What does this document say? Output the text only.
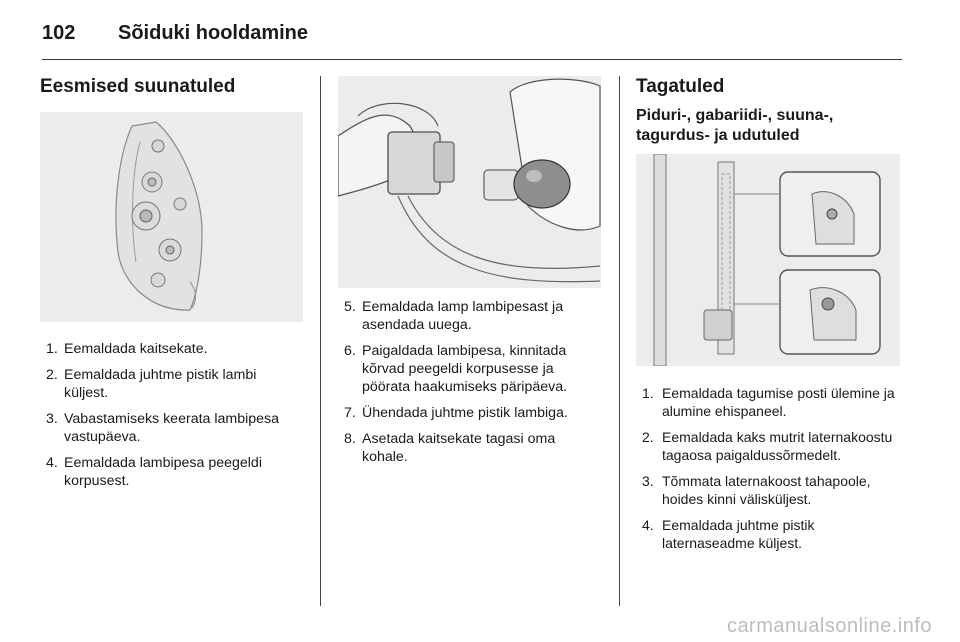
102 Sõiduki hooldamine
Eesmised suunatuled
1. Eemaldada kaitsekate.
2. Eemaldada juhtme pistik lambi küljest.
3. Vabastamiseks keerata lambipesa vastupäeva.
4. Eemaldada lambipesa peegeldi korpusest.
5. Eemaldada lamp lambipesast ja asendada uuega.
6. Paigaldada lambipesa, kinnitada kõrvad peegeldi korpusesse ja pöörata haakumiseks päripäeva.
7. Ühendada juhtme pistik lambiga.
8. Asetada kaitsekate tagasi oma kohale.
Tagatuled
Piduri-, gabariidi-, suuna-, tagurdus- ja udutuled
1. Eemaldada tagumise posti ülemine ja alumine ehispaneel.
2. Eemaldada kaks mutrit laternakoostu tagaosa paigaldussõrmedelt.
3. Tõmmata laternakoost tahapoole, hoides kinni välisküljest.
4. Eemaldada juhtme pistik laternaseadme küljest.
carmanualsonline.info
